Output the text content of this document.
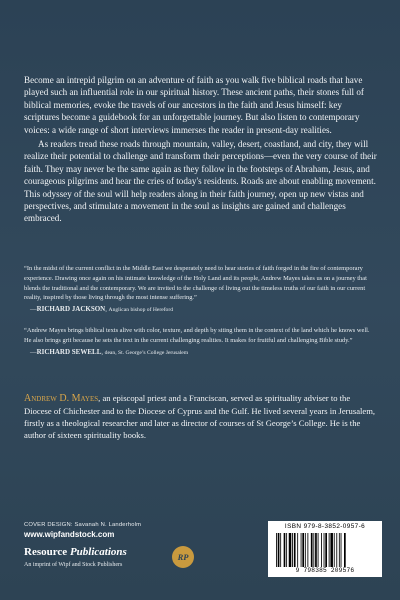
Become an intrepid pilgrim on an adventure of faith as you walk five biblical roads that have played such an influential role in our spiritual history. These ancient paths, their stones full of biblical memories, evoke the travels of our ancestors in the faith and Jesus himself: key scriptures become a guidebook for an unforgettable journey. But also listen to contemporary voices: a wide range of short interviews immerses the reader in present-day realities.

As readers tread these roads through mountain, valley, desert, coastland, and city, they will realize their potential to challenge and transform their perceptions—even the very course of their faith. They may never be the same again as they follow in the footsteps of Abraham, Jesus, and courageous pilgrims and hear the cries of today's residents. Roads are about enabling movement. This odyssey of the soul will help readers along in their faith journey, open up new vistas and perspectives, and stimulate a movement in the soul as insights are gained and challenges embraced.

“In the midst of the current conflict in the Middle East we desperately need to hear stories of faith forged in the fire of contemporary experience. Drawing once again on his intimate knowledge of the Holy Land and its people, Andrew Mayes takes us on a journey that blends the traditional and the contemporary. We are invited to the challenge of living out the timeless truths of our faith in our current reality, inspired by those living through the most intense suffering.”

—RICHARD JACKSON, Anglican bishop of Hereford

“Andrew Mayes brings biblical texts alive with color, texture, and depth by siting them in the context of the land which he knows well. He also brings grit because he sets the text in the current challenging realities. It makes for fruitful and challenging Bible study.”

—RICHARD SEWELL, dean, St. George’s College Jerusalem

Andrew D. Mayes, an episcopal priest and a Franciscan, served as spirituality adviser to the Diocese of Chichester and to the Diocese of Cyprus and the Gulf. He lived several years in Jerusalem, firstly as a theological researcher and later as director of courses of St George’s College. He is the author of sixteen spirituality books.
COVER DESIGN: Savanah N. Landerholm
www.wipfandstock.com
Resource Publications
An imprint of Wipf and Stock Publishers
RP
ISBN 979-8-3852-0957-6
9 798385 209576
